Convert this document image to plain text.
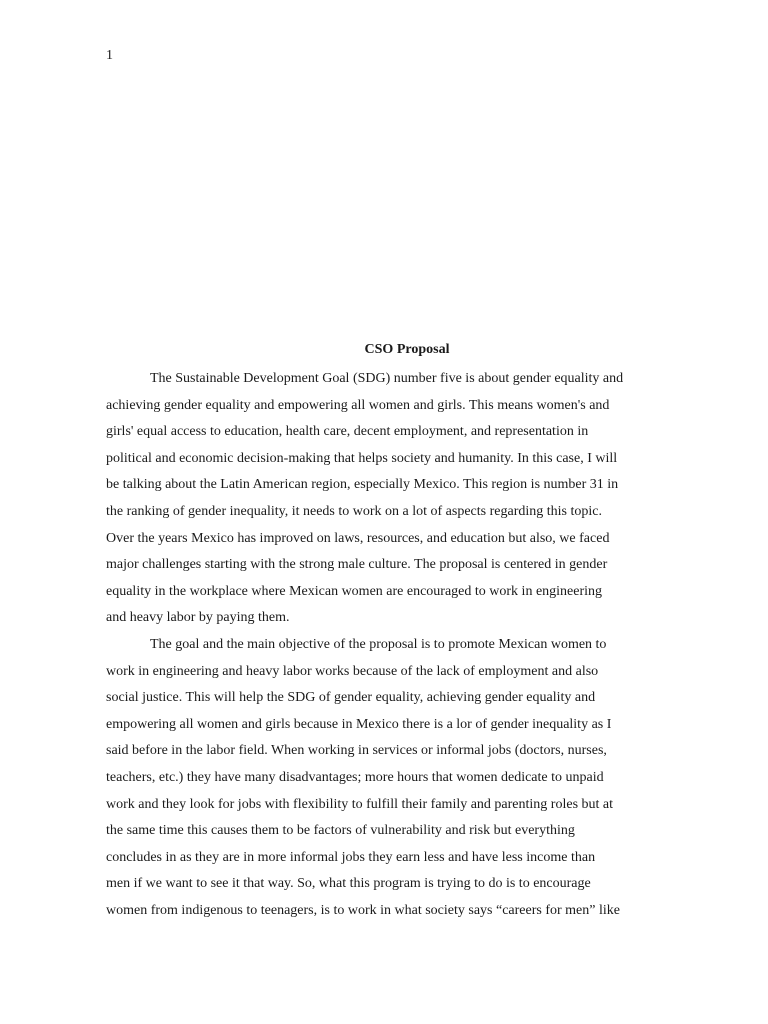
1
CSO Proposal
The Sustainable Development Goal (SDG) number five is about gender equality and
achieving gender equality and empowering all women and girls. This means women's and
girls' equal access to education, health care, decent employment, and representation in
political and economic decision-making that helps society and humanity. In this case, I will
be talking about the Latin American region, especially Mexico. This region is number 31 in
the ranking of gender inequality, it needs to work on a lot of aspects regarding this topic.
Over the years Mexico has improved on laws, resources, and education but also, we faced
major challenges starting with the strong male culture. The proposal is centered in gender
equality in the workplace where Mexican women are encouraged to work in engineering
and heavy labor by paying them.
The goal and the main objective of the proposal is to promote Mexican women to
work in engineering and heavy labor works because of the lack of employment and also
social justice. This will help the SDG of gender equality, achieving gender equality and
empowering all women and girls because in Mexico there is a lor of gender inequality as I
said before in the labor field. When working in services or informal jobs (doctors, nurses,
teachers, etc.) they have many disadvantages; more hours that women dedicate to unpaid
work and they look for jobs with flexibility to fulfill their family and parenting roles but at
the same time this causes them to be factors of vulnerability and risk but everything
concludes in as they are in more informal jobs they earn less and have less income than
men if we want to see it that way. So, what this program is trying to do is to encourage
women from indigenous to teenagers, is to work in what society says “careers for men” like
